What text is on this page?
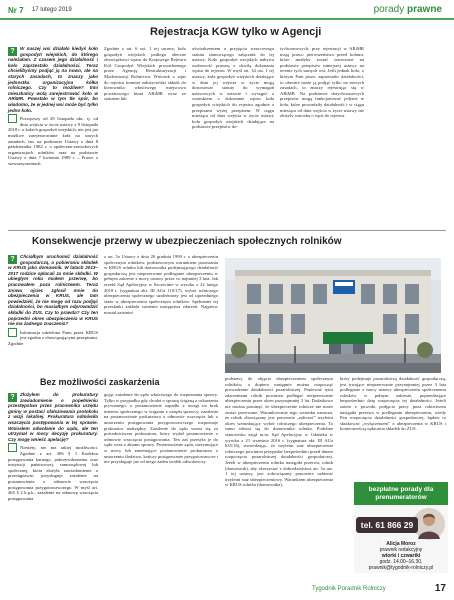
Nr 7 17 lutego 2019	porady prawne
Rejestracja KGW tylko w Agencji
?	W naszej wsi działało kiedyś koło gospodyń wiejskich, do którego należałam. Z czasem jego działalność i koło zaprzestało działalności. Teraz chcielibyśmy podjąć ją na nowo, ale na starych zasadach, to znaczy jako jednostka organizacyjna kółka rolniczego. Czy to możliwe? Inni mieszkańcy wolą zarejestrować koło w ARiMR. Powstało w tym tle spór, bo wiadomo, że w jednej wsi może być tylko jedno koło.
Począwszy od 29 listopada ubr., tj. od dnia wejścia w życie ustawy z 9 listopada 2018 r. o kołach gospodyń wiejskich, nie jest już możliwe zarejestrowanie koła na starych zasadach, tzn. na podstawie Ustawy z dnia 8 października 1982 r. o społeczno-zawodowych organizacjach rolników oraz na podstawie Ustawy z dnia 7 kwietnia 1989 r. – Prawo o stowarzyszeniach.
Zgodnie z art. 6 ust. 1 tej ustawy, koło gospodyń wiejskich podlega obecnie obowiązkowi wpisu do Krajowego Rejestru Kół Gospodyń Wiejskich prowadzonego przez Agencję Restrukturyzacji i Modernizacji Rolnictwa. Wniosek o wpis do rejestru komitet założycielski składa do kierownika właściwego miejscowo powiatowego biura ARiMR wraz ze statutem lub
oświadczeniem o przyjęciu wzorcowego statutu stanowiącego załącznik do tej ustawy. Koło gospodyń wiejskich nabywa osobowość prawną z chwilą dokonania wpisu do rejestru. W myśl art. 34 ust. 1 tej ustawy, koła gospodyń wiejskich działające w dniu jej wejścia w życie mogą dostosować statuty do wymagań ustawowych w ustawie i wystąpić z wnioskiem o dokonanie wpisu koła gospodyń wiejskich do rejestru zgodnie z przepisami wyżej przepisem. W ciągu miesiąca od dnia wejścia w życie ustawy koła gospodyń wiejskich działające na podstawie przepisów do-
tychczasowych, przy rejestracji w ARiMR mają prawo pierwszeństwa przed kołami, które miałyby zostać utworzone na podstawie przepisów niniejszej ustawy na terenie tych samych wsi. Jeśli jednak koło, o którym Pani pisze, zaprzestało działalności, to obecnie może ją podjąć tylko na nowych zasadach, to znaczy rejestrując się w ARiMR. Na podstawie dotychczasowych przepisów mogą funkcjonować jedynie te koła, które prowadziły działalność i w ciągu miesiąca od dnia wejścia w życie ustawy nie złożyły wniosku o wpis do rejestru.
Konsekwencje przerwy w ubezpieczeniach społecznych rolników
?	Chciałbym uruchomić działalność gospodarczą, o pobieraniu składek w KRUS jako domownik. W latach 2013–2017 rodzice opłacali za mnie składki. W ubiegłym roku miałem przerwę, bo pracowałem poza rolnictwem. Teraz znowu ojciec zgłosił mnie do ubezpieczenia w KRUS, ale tam powiedzieli, że nie mogę od razu podjąć działalności, bo musiałbym odprowadzić składki do ZUS. Czy to prawda? Czy ten poprzedni okres ubezpieczenia w KRUS nie ma żadnego znaczenia?
Informacja udzielona Panu przez KRUS jest zgodna z obowiązującymi przepisami. Zgodnie
z art. 5a Ustawy z dnia 20 grudnia 1990 r. o ubezpieczeniu społecznym rolników, podstawowym warunkiem pozostania w KRUS rolnika lub domownika podejmującego działalność gospodarczą jest nieprzerwane podleganie ubezpieczeniu w pełnym zakresie z mocy ustawy przez co najmniej 3 lata. Jak orzekł Sąd Apelacyjny w Szczecinie w wyroku z 22 lutego 2018 r. (sygnatura akt: III AUa 110/17), wybór rolniczego ubezpieczenia społecznego uzależniony jest od uprzedniego stażu w ubezpieczeniu społecznym rolników. Spełnienie tej przesłanki zakłada istnienie następstwa zdarzeń. Najpierw musiał zaistnieć
podstawy do objęcia ubezpieczeniem społecznym rolników, a dopiero następnie można rozpocząć prowadzenie działalności pozarolniczej. Ponieważ tymi zdarzeniami rolnik powinien podlegać nieprzerwanie ubezpieczeniu przez okres przynajmniej 3 lat. Dodatkowo nie można pominąć, że ubezpieczenie rolnicze nie może zostać przerwane. Warunkowanie tego warunku oznacza, że rolnik obowiązany jest ponownie „zaliczać” trzyletni okres warunkujący wybór rolniczego ubezpieczenia. To samo odnosi się do domownika rolnika. Podobne stanowisko zajął m.in. Sąd Apelacyjny w Gdańsku w wyroku z 21 września 2016 r. (sygnatura akt: III AUa 635/16), stwierdzając, że trzyletni staż ubezpieczenia rolniczego powinien przypadać bezpośrednio przed dniem rozpoczęcia pozarolniczej działalności gospodarczej. Jeżeli w ubezpieczeniu rolnika nastąpiła przerwa, rolnik (domownik), aby skorzystać z dobrodziejstwa art. 5a ust. 1 tej ustawy, jest zobowiązany ponownie uzbierać trzyletni staż ubezpieczeniowy. Warunkiem ubezpieczenia w KRUS rolnika (domownika),
który podejmuje pozarolniczą działalność gospodarczą, jest trwające nieprzerwanie przynajmniej przez 3 lata podleganie z mocy ustawy ubezpieczeniu społecznemu rolników w pełnym zakresie, poprzedzające bezpośrednio datę rozpoczęcia tej działalności. Jeżeli zatem z powodu podjęcia pracy poza rolnictwem nastąpiła przerwa w podleganiu ubezpieczeniu, wtedy Pan rozpoczęcia działalności gospodarczej, będzie to skutkować „wyłączeniem” z ubezpieczenia w KRUS i koniecznością opłacania składek do ZUS.
Bez możliwości zaskarżenia
?	Złożyłem do prokuratury zawiadomienie o popełnieniu przestępstwa przez pracownika urzędu gminy w postaci sfałszowania protokołu z wizji lokalnej. Prokuratura odmówiła wszczęcia postępowania w tej sprawie. Wniosłem odwołanie do sądu, ale ten utrzymał w mocy decyzję prokuratury. Czy mogę wnieść apelację?
Niestety, nie ma takiej możliwości. Zgodnie z art. 306 § 1 Kodeksu postępowania karnego, pokrzywdzonemu oraz instytucji państwowej, samorządowej lub społecznej, która złożyła zawiadomienie o przestępstwie, przysługuje zażalenie na postanowienie o odmowie wszczęcia postępowania przygotowawczego. W myśl art. 465 § 2 k.p.k., zażalenie na odmowę wszczęcia postępowania
gując zażalenie do sądu właściwego do rozpoznania sprawy. Tylko w przypadku gdy chodzi o sprawę ściganą z oskarżenia prywatnego, a postanowienie zapadło z uwagi na brak interesu społecznego w ściganiu z urzędu sprawcy, zażalenie na postanowienie prokuratora o odmowie wszczęcia lub o umorzeniu postępowania przygotowawczego rozpoznaje prokurator nadrzędny. Zażalenie do sądu wnosi się za pośrednictwem prokuratora, który wydał postanowienie o odmowie wszczęcia postępowania. Ten zaś przesyła je do sądu wraz z aktami sprawy. Postanowienie sądu, utrzymujące w mocy lub zmieniające postanowienie prokuratora o umorzeniu śledztwa, kończy postępowanie przygotowawcze i nie przysługuje już od niego żaden środek odwoławczy.
bezpłatne porady dla prenumeratorów
tel. 61 866 29 08
Alicja Moroz
prawnik redakcyjny
wtorki i czwartki
godz. 14.00–16.30,
prawnik@tygodnik-rolniczy.pl
Tygodnik Poradnik Rolniczy	17
